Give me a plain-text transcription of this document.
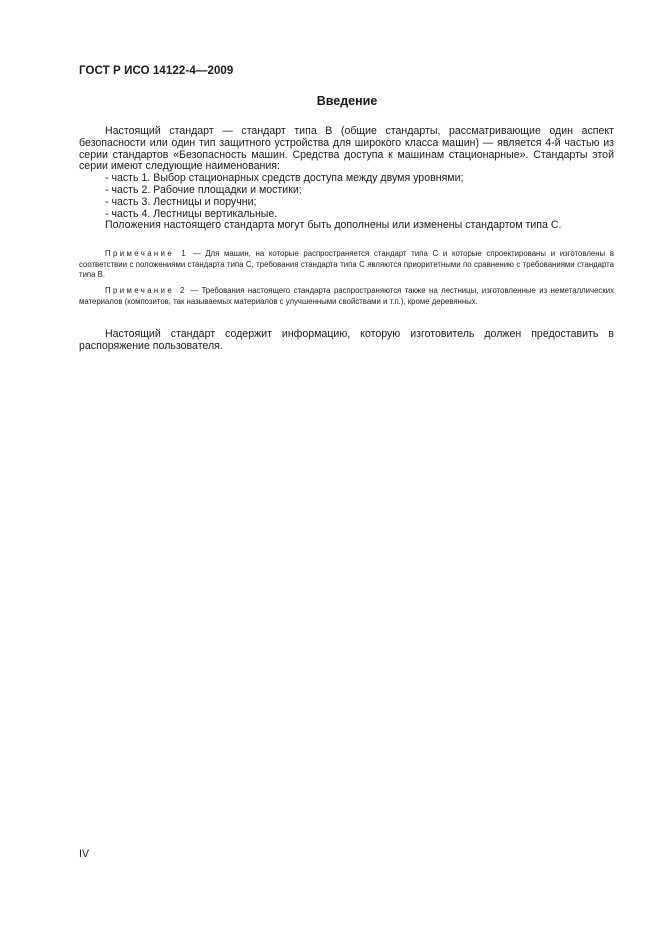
ГОСТ Р ИСО 14122-4—2009
Введение

Настоящий стандарт — стандарт типа В (общие стандарты, рассматривающие один аспект безопасности или один тип защитного устройства для широкого класса машин) — является 4-й частью из серии стандартов «Безопасность машин. Средства доступа к машинам стационарные». Стандарты этой серии имеют следующие наименования:

- часть 1. Выбор стационарных средств доступа между двумя уровнями;

- часть 2. Рабочие площадки и мостики;

- часть 3. Лестницы и поручни;

- часть 4. Лестницы вертикальные.

Положения настоящего стандарта могут быть дополнены или изменены стандартом типа С.

Примечание 1 — Для машин, на которые распространяется стандарт типа С и которые спроектированы и изготовлены в соответствии с положениями стандарта типа С, требования стандарта типа С являются приоритетными по сравнению с требованиями стандарта типа В.

Примечание 2 — Требования настоящего стандарта распространяются также на лестницы, изготовленные из неметаллических материалов (композитов, так называемых материалов с улучшенными свойствами и т.п.), кроме деревянных.

Настоящий стандарт содержит информацию, которую изготовитель должен предоставить в распоряжение пользователя.

IV
